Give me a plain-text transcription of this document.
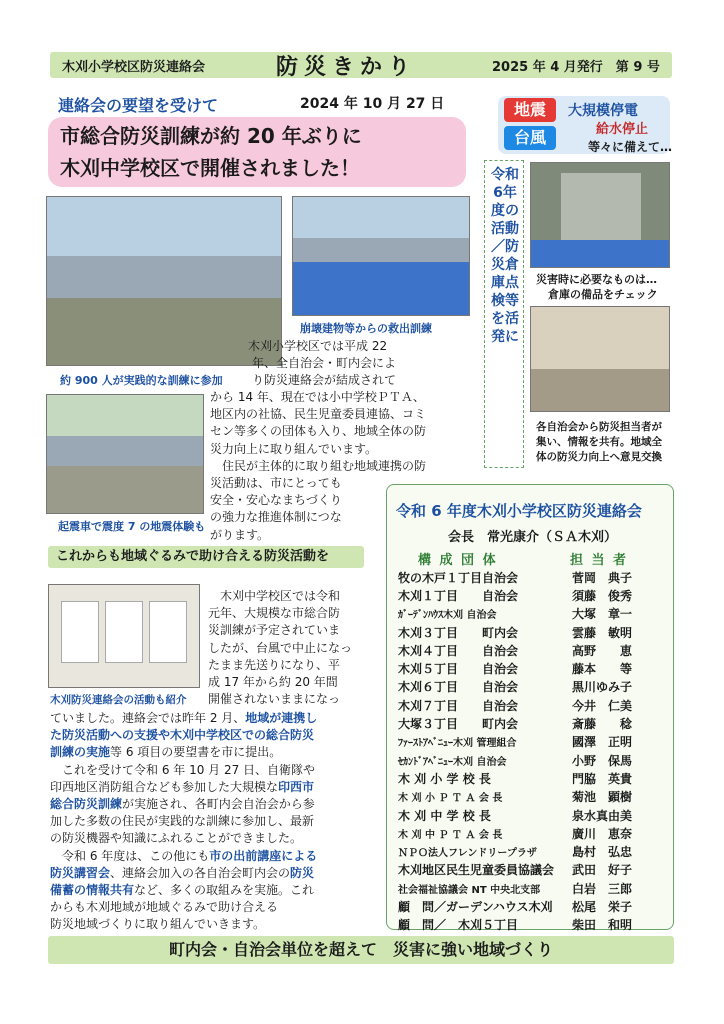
木刈小学校区防災連絡会	防災きかり	2025 年 4 月発行　第 9 号
連絡会の要望を受けて	2024 年 10 月 27 日
市総合防災訓練が約 20 年ぶりに
木刈中学校区で開催されました！
約 900 人が実践的な訓練に参加
崩壊建物等からの救出訓練
起震車で震度 7 の地震体験も
木刈小学校区では平成 22
年、全自治会・町内会によ
り防災連絡会が結成されて
から 14 年、現在では小中学校ＰＴＡ、
地区内の社協、民生児童委員連協、コミ
セン等多くの団体も入り、地域全体の防
災力向上に取り組んでいます。
住民が主体的に取り組む地域連携の防
災活動は、市にとっても
安全・安心なまちづくり
の強力な推進体制につな
がります。
これからも地域ぐるみで助け合える防災活動を
木刈防災連絡会の活動も紹介
木刈中学校区では令和
元年、大規模な市総合防
災訓練が予定されていま
したが、台風で中止になっ
たまま先送りになり、平
成 17 年から約 20 年間
開催されないままになっ
ていました。連絡会では昨年 2 月、地域が連携し
た防災活動への支援や木刈中学校区での総合防災
訓練の実施等 6 項目の要望書を市に提出。
これを受けて令和 6 年 10 月 27 日、自衛隊や
印西地区消防組合なども参加した大規模な印西市
総合防災訓練が実施され、各町内会自治会から参
加した多数の住民が実践的な訓練に参加し、最新
の防災機器や知識にふれることができました。
令和 6 年度は、この他にも市の出前講座による
防災講習会、連絡会加入の各自治会町内会の防災
備蓄の情報共有など、多くの取組みを実施。これ
からも木刈地域が地域ぐるみで助け合える
防災地域づくりに取り組んでいきます。
地震
台風
大規模停電
給水停止
等々に備えて…
令和6年度の活動／防災倉庫点検等を活発に
災害時に必要なものは…
倉庫の備品をチェック
各自治会から防災担当者が
集い、情報を共有。地域全
体の防災力向上へ意見交換
令和 6 年度木刈小学校区防災連絡会
会長　常光康介（ＳＡ木刈）
構 成 団 体	担 当 者
牧の木戸１丁目自治会	菅岡　典子
木刈１丁目　　自治会	須藤　俊秀
ｶﾞｰﾃﾞﾝﾊｳｽ木刈 自治会	大塚　章一
木刈３丁目　　町内会	雲藤　敏明
木刈４丁目　　自治会	高野　　恵
木刈５丁目　　自治会	藤本　　等
木刈６丁目　　自治会	黒川ゆみ子
木刈７丁目　　自治会	今井　仁美
大塚３丁目　　町内会	斎藤　　稔
ﾌｧｰｽﾄｱﾍﾞﾆｭｰ木刈 管理組合	國澤　正明
ｾｶﾝﾄﾞｱﾍﾞﾆｭｰ木刈 自治会	小野　保馬
木 刈 小 学 校 長	門脇　英貴
木 刈 小 Ｐ Ｔ Ａ 会 長	菊池　顕樹
木 刈 中 学 校 長	泉水真由美
木 刈 中 Ｐ Ｔ Ａ 会 長	廣川　恵奈
ＮＰＯ法人フレンドリープラザ	島村　弘忠
木刈地区民生児童委員協議会	武田　好子
社会福祉協議会 NT 中央北支部	白岩　三郎
顧　問／ガーデンハウス木刈	松尾　栄子
顧　問／　木刈５丁目	柴田　和明
町内会・自治会単位を超えて　災害に強い地域づくり
